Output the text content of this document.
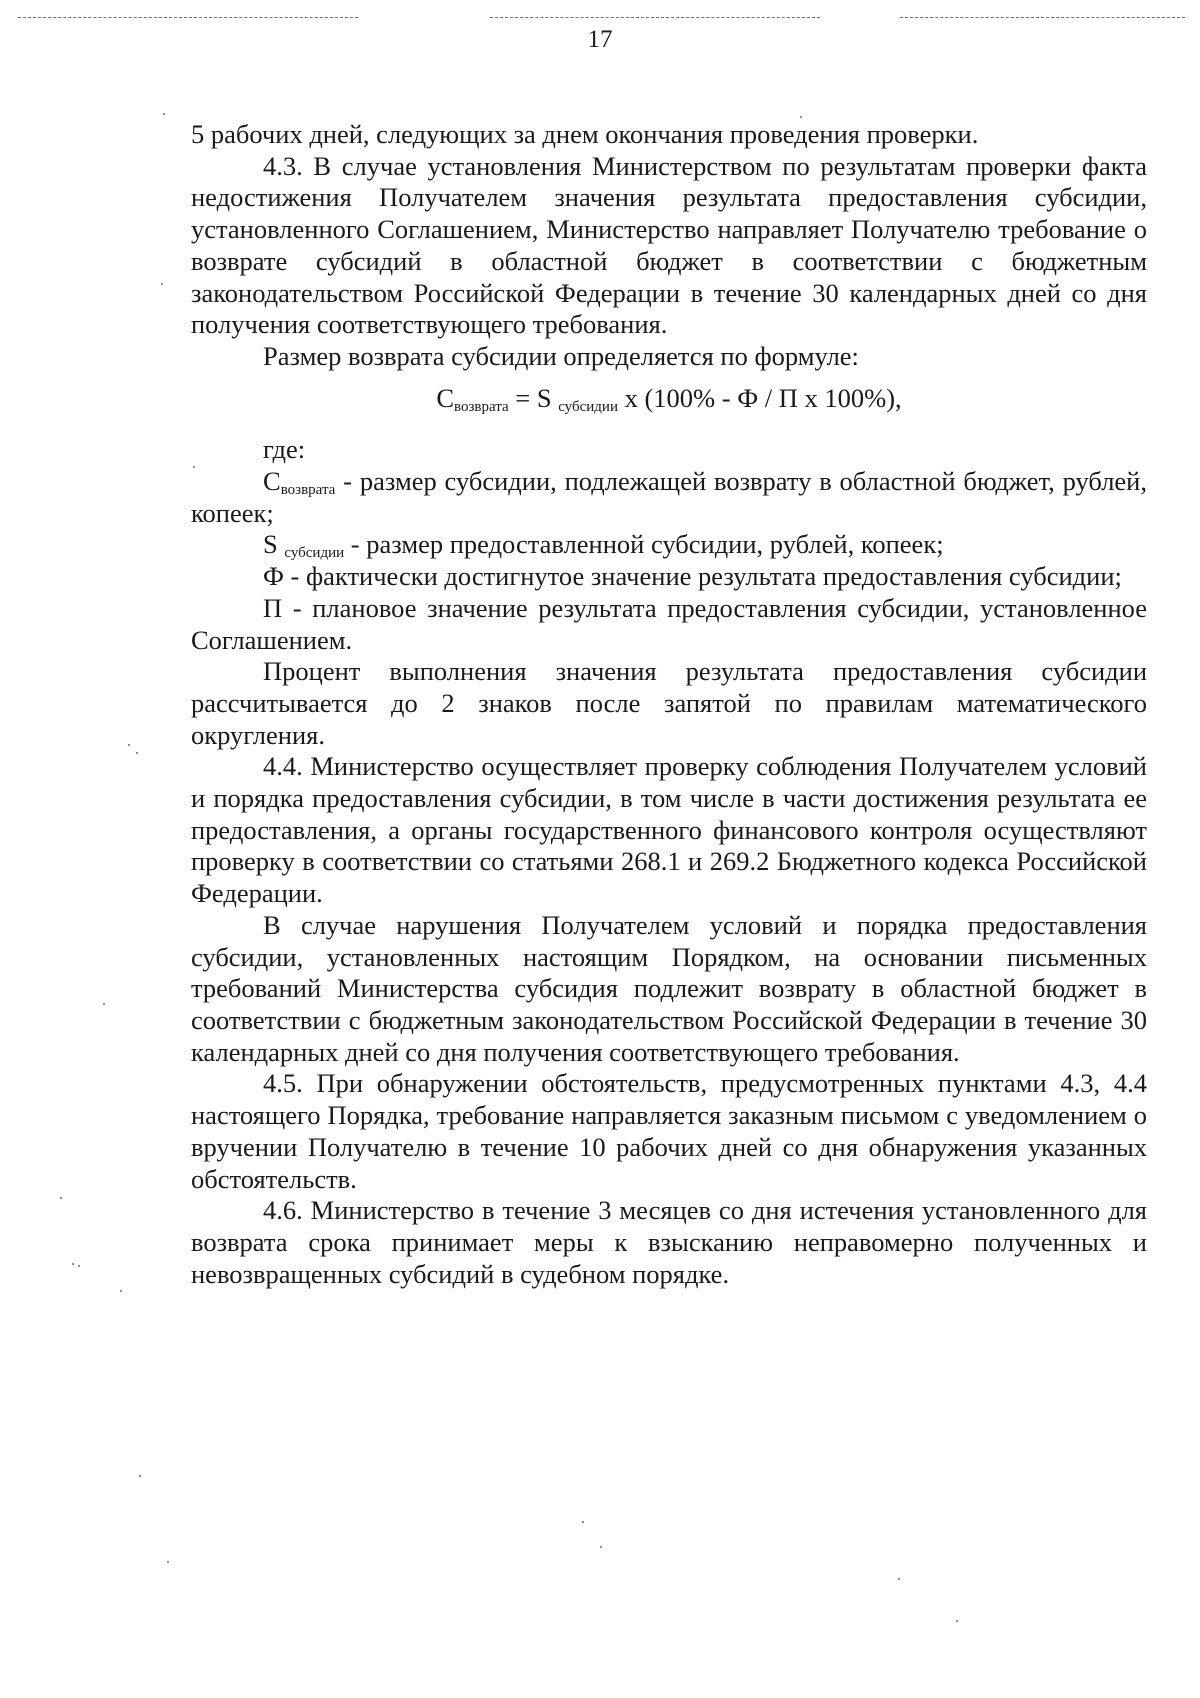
17

5 рабочих дней, следующих за днем окончания проведения проверки.

4.3. В случае установления Министерством по результатам проверки факта недостижения Получателем значения результата предоставления субсидии, установленного Соглашением, Министерство направляет Получателю требование о возврате субсидий в областной бюджет в соответствии с бюджетным законодательством Российской Федерации в течение 30 календарных дней со дня получения соответствующего требования.

Размер возврата субсидии определяется по формуле:

$С_{возврата} = S$ $_{субсидии}$ х (100% - Ф / П х 100%),

где:

$С_{возврата}$ - размер субсидии, подлежащей возврату в областной бюджет, рублей, копеек;

S $_{субсидии}$ - размер предоставленной субсидии, рублей, копеек;

Ф - фактически достигнутое значение результата предоставления субсидии;

П - плановое значение результата предоставления субсидии, установленное Соглашением.

Процент выполнения значения результата предоставления субсидии рассчитывается до 2 знаков после запятой по правилам математического округления.

4.4. Министерство осуществляет проверку соблюдения Получателем условий и порядка предоставления субсидии, в том числе в части достижения результата ее предоставления, а органы государственного финансового контроля осуществляют проверку в соответствии со статьями 268.1 и 269.2 Бюджетного кодекса Российской Федерации.

В случае нарушения Получателем условий и порядка предоставления субсидии, установленных настоящим Порядком, на основании письменных требований Министерства субсидия подлежит возврату в областной бюджет в соответствии с бюджетным законодательством Российской Федерации в течение 30 календарных дней со дня получения соответствующего требования.

4.5. При обнаружении обстоятельств, предусмотренных пунктами 4.3, 4.4 настоящего Порядка, требование направляется заказным письмом с уведомлением о вручении Получателю в течение 10 рабочих дней со дня обнаружения указанных обстоятельств.

4.6. Министерство в течение 3 месяцев со дня истечения установленного для возврата срока принимает меры к взысканию неправомерно полученных и невозвращенных субсидий в судебном порядке.
